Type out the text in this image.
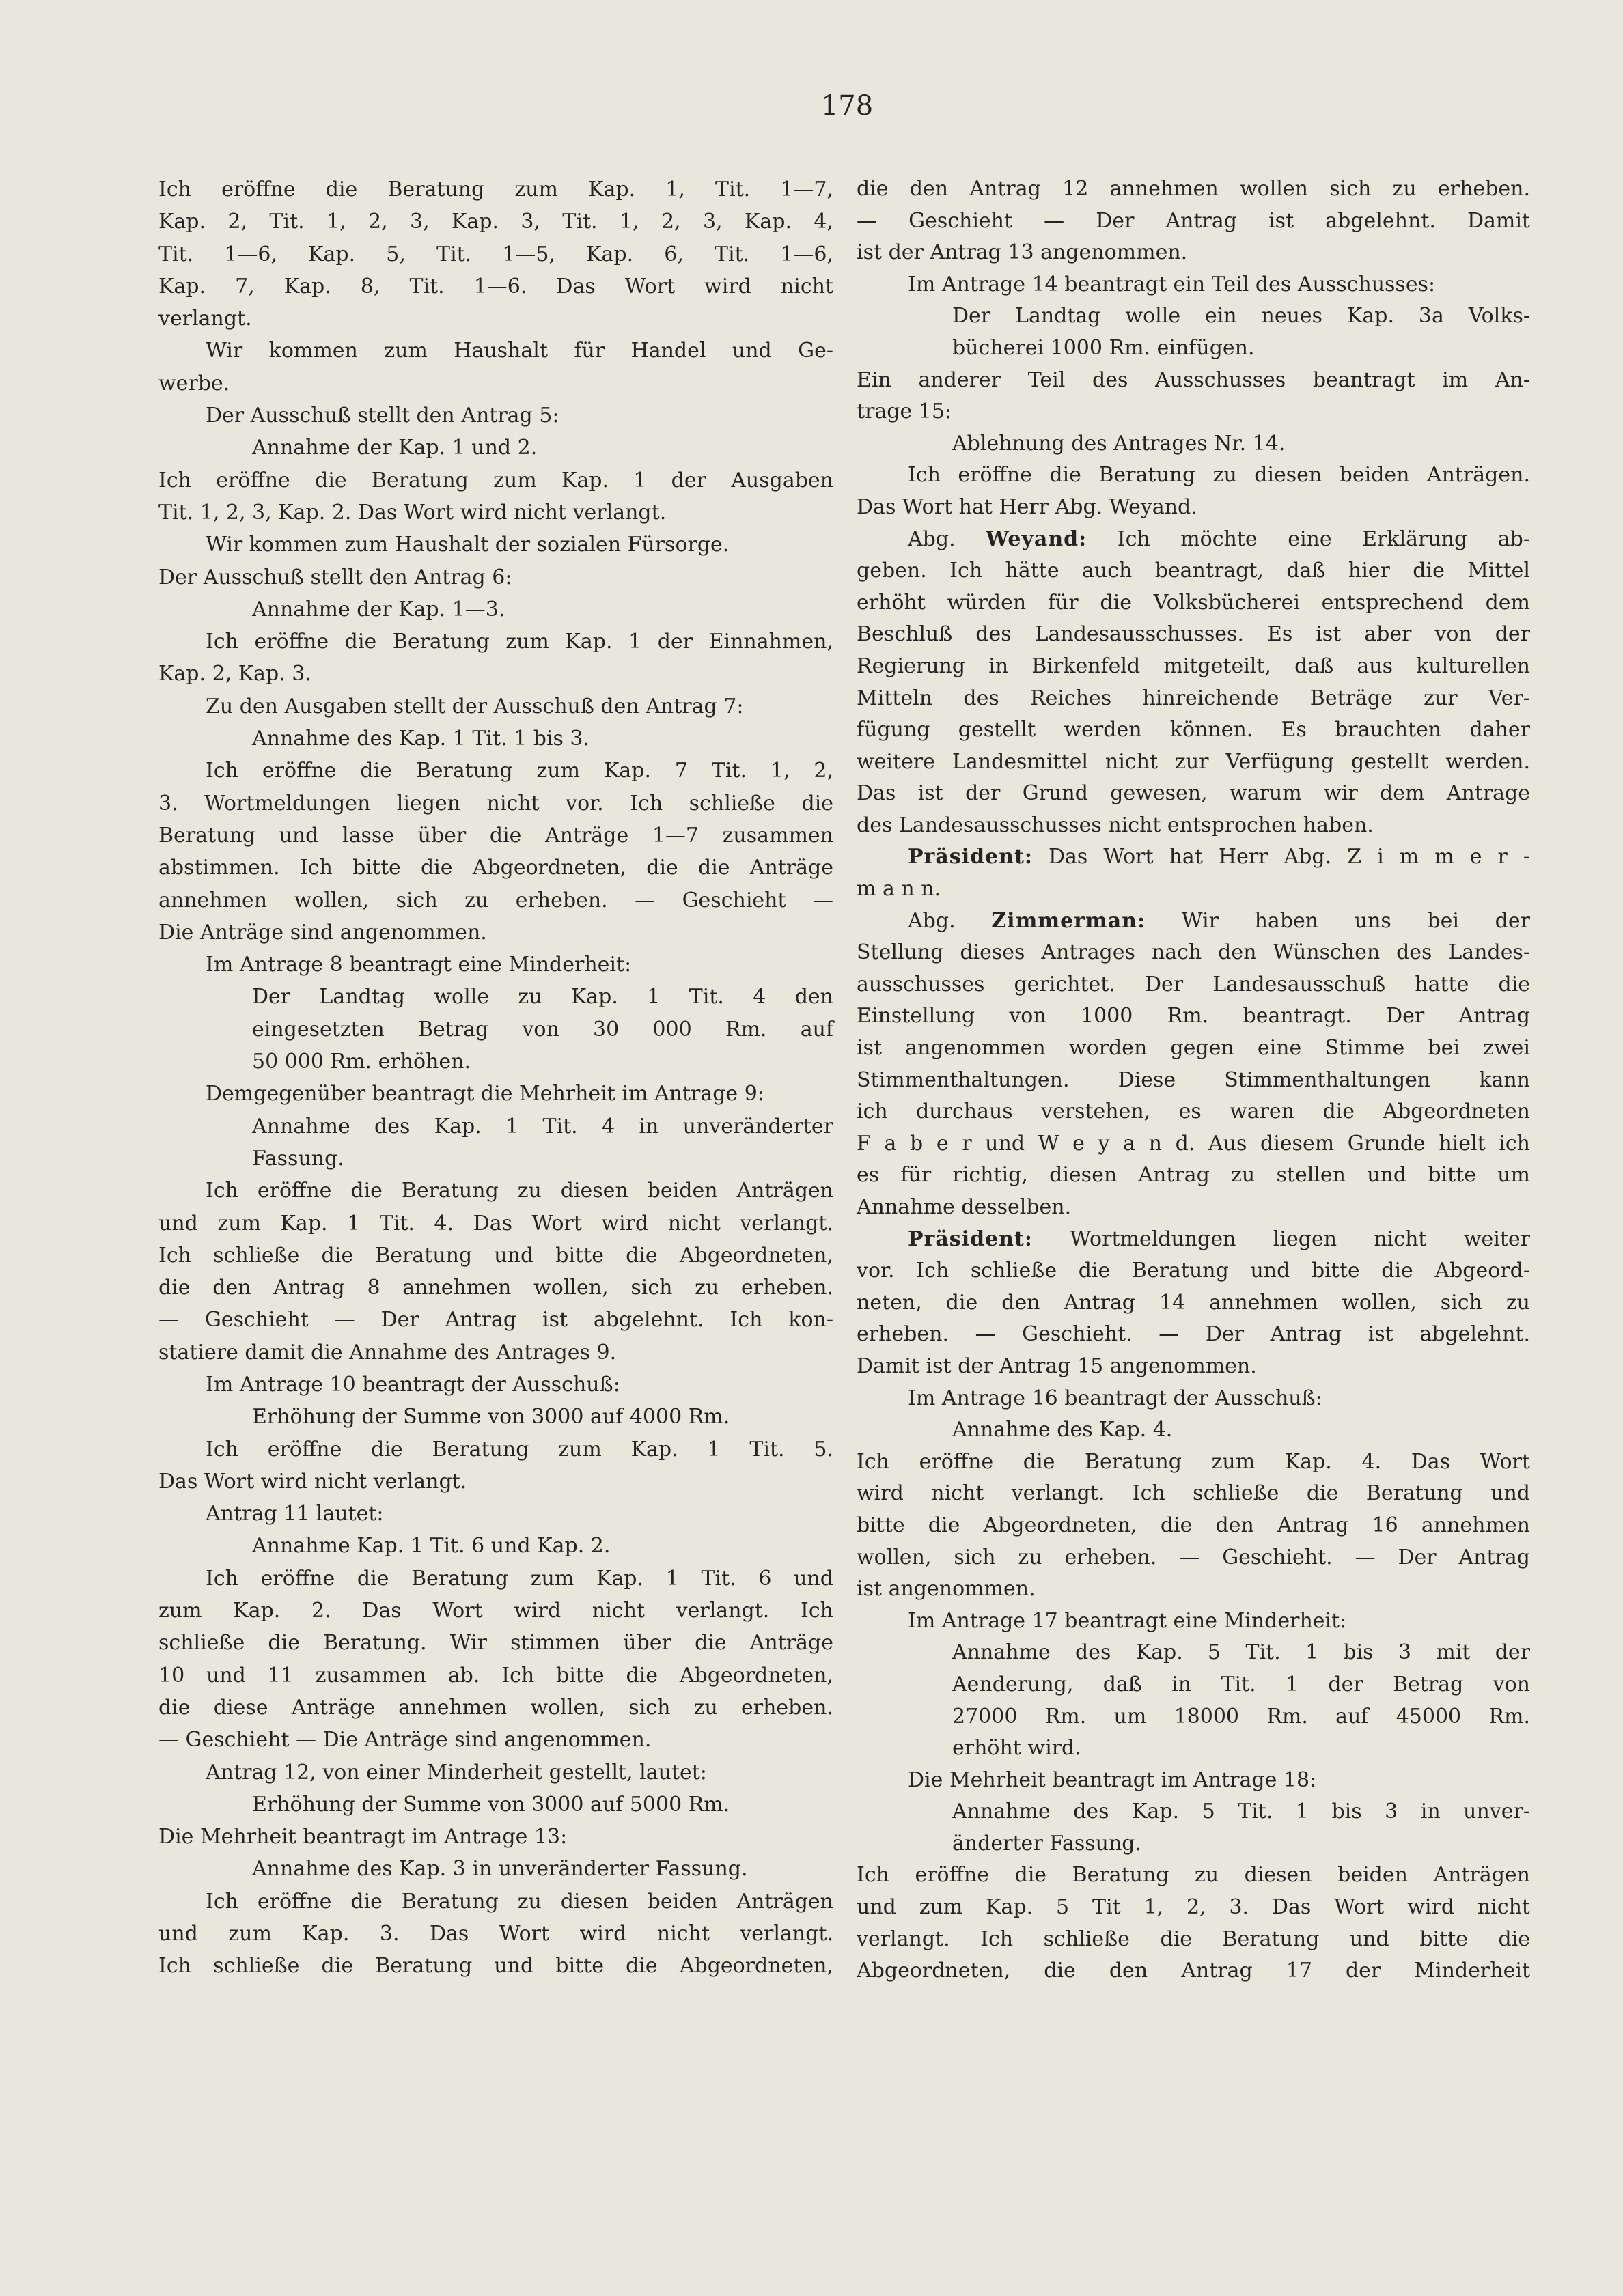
178
Ich eröffne die Beratung zum Kap. 1, Tit. 1—7,
Kap. 2, Tit. 1, 2, 3, Kap. 3, Tit. 1, 2, 3, Kap. 4,
Tit. 1—6, Kap. 5, Tit. 1—5, Kap. 6, Tit. 1—6,
Kap. 7, Kap. 8, Tit. 1—6. Das Wort wird nicht
verlangt.
Wir kommen zum Haushalt für Handel und Ge-
werbe.
Der Ausschuß stellt den Antrag 5:
Annahme der Kap. 1 und 2.
Ich eröffne die Beratung zum Kap. 1 der Ausgaben
Tit. 1, 2, 3, Kap. 2. Das Wort wird nicht verlangt.
Wir kommen zum Haushalt der sozialen Fürsorge.
Der Ausschuß stellt den Antrag 6:
Annahme der Kap. 1—3.
Ich eröffne die Beratung zum Kap. 1 der Einnahmen,
Kap. 2, Kap. 3.
Zu den Ausgaben stellt der Ausschuß den Antrag 7:
Annahme des Kap. 1 Tit. 1 bis 3.
Ich eröffne die Beratung zum Kap. 7 Tit. 1, 2,
3. Wortmeldungen liegen nicht vor. Ich schließe die
Beratung und lasse über die Anträge 1—7 zusammen
abstimmen. Ich bitte die Abgeordneten, die die Anträge
annehmen wollen, sich zu erheben. — Geschieht —
Die Anträge sind angenommen.
Im Antrage 8 beantragt eine Minderheit:
Der Landtag wolle zu Kap. 1 Tit. 4 den
eingesetzten Betrag von 30 000 Rm. auf
50 000 Rm. erhöhen.
Demgegenüber beantragt die Mehrheit im Antrage 9:
Annahme des Kap. 1 Tit. 4 in unveränderter
Fassung.
Ich eröffne die Beratung zu diesen beiden Anträgen
und zum Kap. 1 Tit. 4. Das Wort wird nicht verlangt.
Ich schließe die Beratung und bitte die Abgeordneten,
die den Antrag 8 annehmen wollen, sich zu erheben.
— Geschieht — Der Antrag ist abgelehnt. Ich kon-
statiere damit die Annahme des Antrages 9.
Im Antrage 10 beantragt der Ausschuß:
Erhöhung der Summe von 3000 auf 4000 Rm.
Ich eröffne die Beratung zum Kap. 1 Tit. 5.
Das Wort wird nicht verlangt.
Antrag 11 lautet:
Annahme Kap. 1 Tit. 6 und Kap. 2.
Ich eröffne die Beratung zum Kap. 1 Tit. 6 und
zum Kap. 2. Das Wort wird nicht verlangt. Ich
schließe die Beratung. Wir stimmen über die Anträge
10 und 11 zusammen ab. Ich bitte die Abgeordneten,
die diese Anträge annehmen wollen, sich zu erheben.
— Geschieht — Die Anträge sind angenommen.
Antrag 12, von einer Minderheit gestellt, lautet:
Erhöhung der Summe von 3000 auf 5000 Rm.
Die Mehrheit beantragt im Antrage 13:
Annahme des Kap. 3 in unveränderter Fassung.
Ich eröffne die Beratung zu diesen beiden Anträgen
und zum Kap. 3. Das Wort wird nicht verlangt.
Ich schließe die Beratung und bitte die Abgeordneten,
die den Antrag 12 annehmen wollen sich zu erheben.
— Geschieht — Der Antrag ist abgelehnt. Damit
ist der Antrag 13 angenommen.
Im Antrage 14 beantragt ein Teil des Ausschusses:
Der Landtag wolle ein neues Kap. 3a Volks-
bücherei 1000 Rm. einfügen.
Ein anderer Teil des Ausschusses beantragt im An-
trage 15:
Ablehnung des Antrages Nr. 14.
Ich eröffne die Beratung zu diesen beiden Anträgen.
Das Wort hat Herr Abg. Weyand.
Abg. Weyand: Ich möchte eine Erklärung ab-
geben. Ich hätte auch beantragt, daß hier die Mittel
erhöht würden für die Volksbücherei entsprechend dem
Beschluß des Landesausschusses. Es ist aber von der
Regierung in Birkenfeld mitgeteilt, daß aus kulturellen
Mitteln des Reiches hinreichende Beträge zur Ver-
fügung gestellt werden können. Es brauchten daher
weitere Landesmittel nicht zur Verfügung gestellt werden.
Das ist der Grund gewesen, warum wir dem Antrage
des Landesausschusses nicht entsprochen haben.
Präsident: Das Wort hat Herr Abg. Z i m m e r -
m a n n.
Abg. Zimmerman: Wir haben uns bei der
Stellung dieses Antrages nach den Wünschen des Landes-
ausschusses gerichtet. Der Landesausschuß hatte die
Einstellung von 1000 Rm. beantragt. Der Antrag
ist angenommen worden gegen eine Stimme bei zwei
Stimmenthaltungen. Diese Stimmenthaltungen kann
ich durchaus verstehen, es waren die Abgeordneten
F a b e r und W e y a n d. Aus diesem Grunde hielt ich
es für richtig, diesen Antrag zu stellen und bitte um
Annahme desselben.
Präsident: Wortmeldungen liegen nicht weiter
vor. Ich schließe die Beratung und bitte die Abgeord-
neten, die den Antrag 14 annehmen wollen, sich zu
erheben. — Geschieht. — Der Antrag ist abgelehnt.
Damit ist der Antrag 15 angenommen.
Im Antrage 16 beantragt der Ausschuß:
Annahme des Kap. 4.
Ich eröffne die Beratung zum Kap. 4. Das Wort
wird nicht verlangt. Ich schließe die Beratung und
bitte die Abgeordneten, die den Antrag 16 annehmen
wollen, sich zu erheben. — Geschieht. — Der Antrag
ist angenommen.
Im Antrage 17 beantragt eine Minderheit:
Annahme des Kap. 5 Tit. 1 bis 3 mit der
Aenderung, daß in Tit. 1 der Betrag von
27000 Rm. um 18000 Rm. auf 45000 Rm.
erhöht wird.
Die Mehrheit beantragt im Antrage 18:
Annahme des Kap. 5 Tit. 1 bis 3 in unver-
änderter Fassung.
Ich eröffne die Beratung zu diesen beiden Anträgen
und zum Kap. 5 Tit 1, 2, 3. Das Wort wird nicht
verlangt. Ich schließe die Beratung und bitte die
Abgeordneten, die den Antrag 17 der Minderheit
